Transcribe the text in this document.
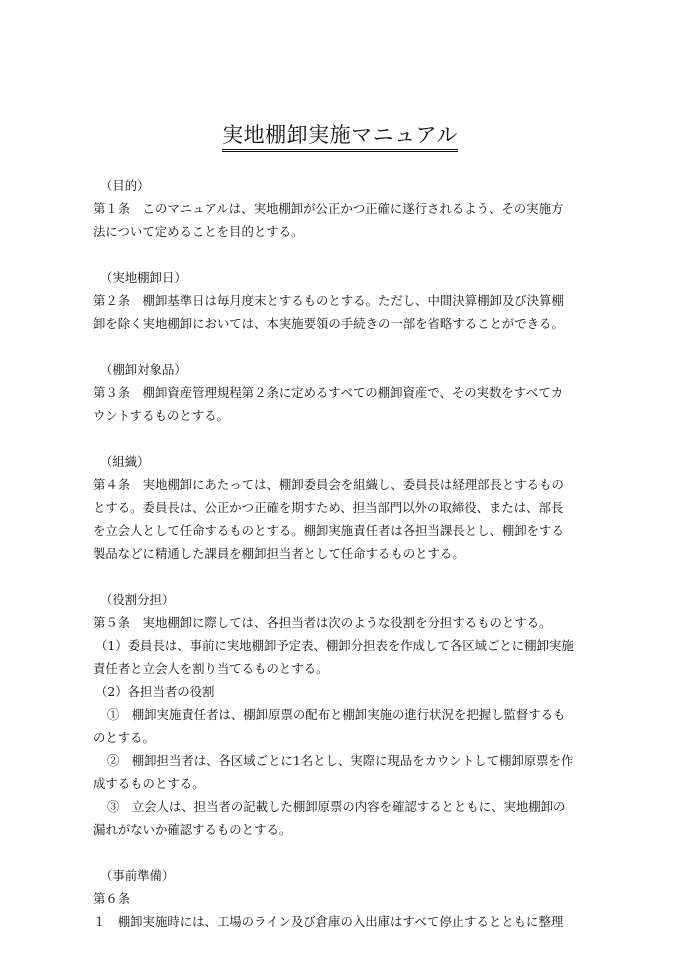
実地棚卸実施マニュアル
（目的）
第１条　このマニュアルは、実地棚卸が公正かつ正確に遂行されるよう、その実施方
法について定めることを目的とする。
（実地棚卸日）
第２条　棚卸基準日は毎月度末とするものとする。ただし、中間決算棚卸及び決算棚
卸を除く実地棚卸においては、本実施要領の手続きの一部を省略することができる。
（棚卸対象品）
第３条　棚卸資産管理規程第２条に定めるすべての棚卸資産で、その実数をすべてカ
ウントするものとする。
（組織）
第４条　実地棚卸にあたっては、棚卸委員会を組織し、委員長は経理部長とするもの
とする。委員長は、公正かつ正確を期すため、担当部門以外の取締役、または、部長
を立会人として任命するものとする。棚卸実施責任者は各担当課長とし、棚卸をする
製品などに精通した課員を棚卸担当者として任命するものとする。
（役割分担）
第５条　実地棚卸に際しては、各担当者は次のような役割を分担するものとする。
（1）委員長は、事前に実地棚卸予定表、棚卸分担表を作成して各区域ごとに棚卸実施
責任者と立会人を割り当てるものとする。
（2）各担当者の役割
①　棚卸実施責任者は、棚卸原票の配布と棚卸実施の進行状況を把握し監督するも
のとする。
②　棚卸担当者は、各区域ごとに1名とし、実際に現品をカウントして棚卸原票を作
成するものとする。
③　立会人は、担当者の記載した棚卸原票の内容を確認するとともに、実地棚卸の
漏れがないか確認するものとする。
（事前準備）
第６条
１　棚卸実施時には、工場のライン及び倉庫の入出庫はすべて停止するとともに整理
